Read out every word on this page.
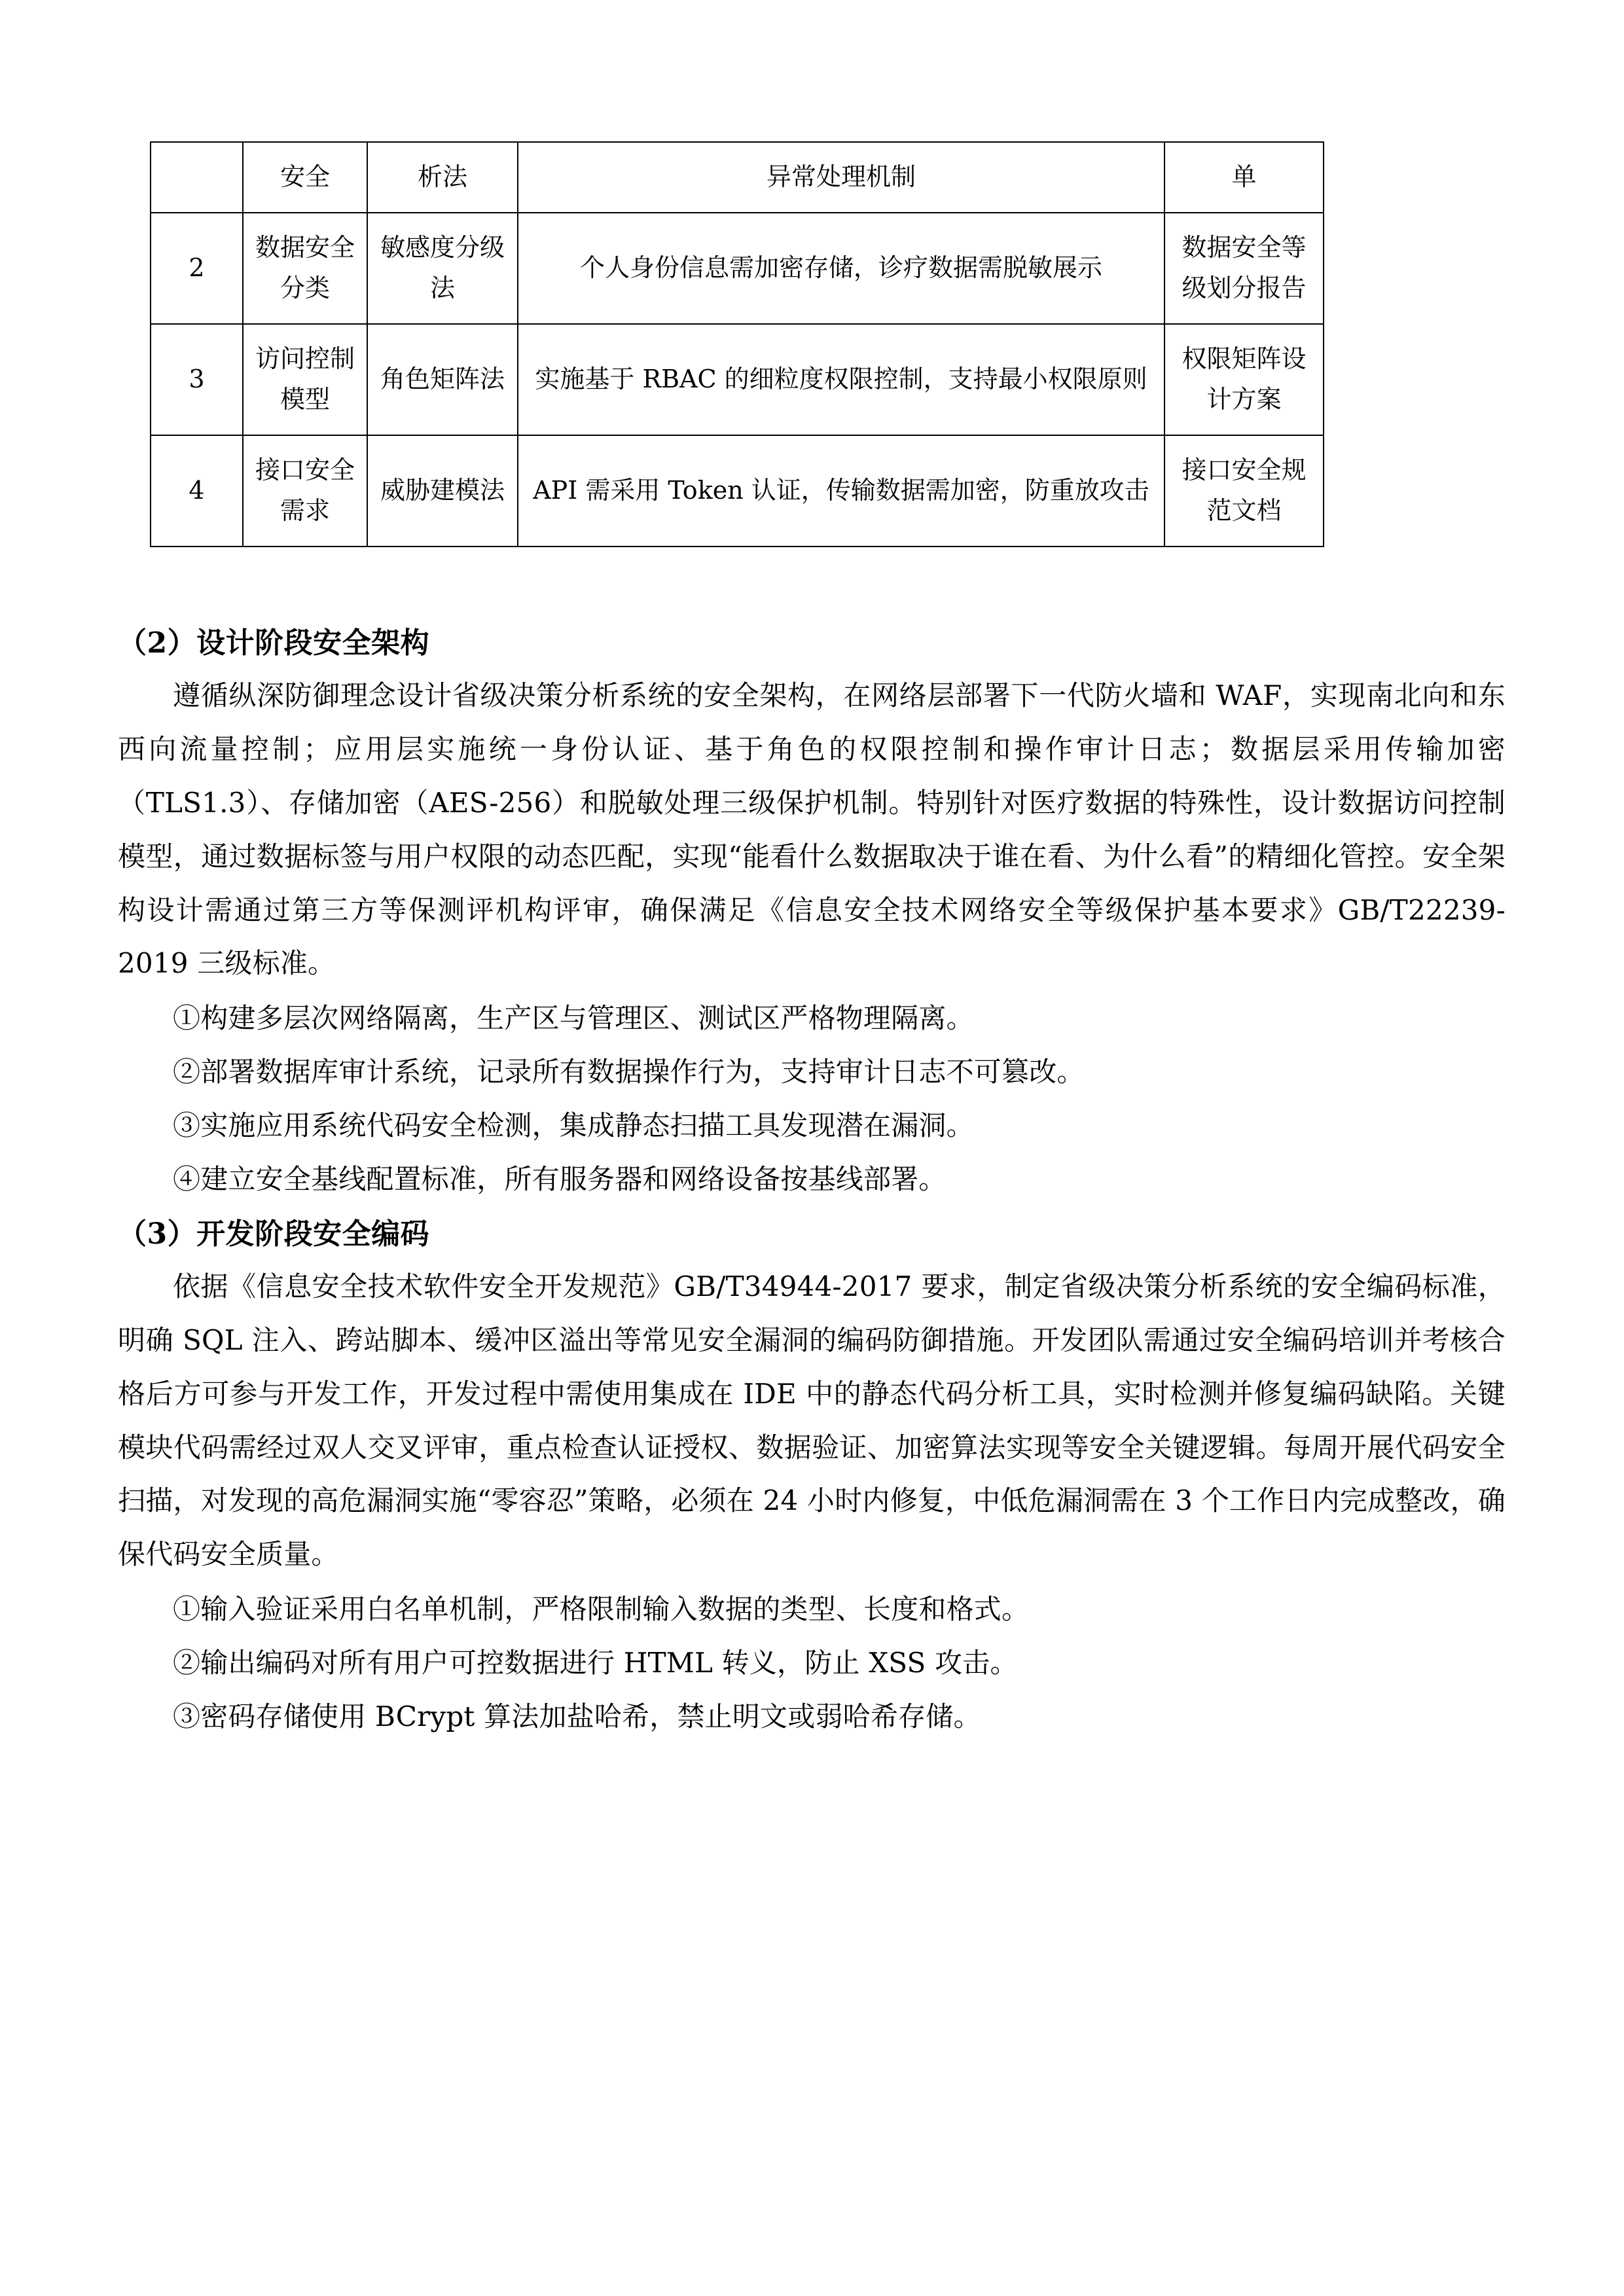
	安全	析法	异常处理机制	单
2	数据安全分类	敏感度分级法	个人身份信息需加密存储，诊疗数据需脱敏展示	数据安全等级划分报告
3	访问控制模型	角色矩阵法	实施基于 RBAC 的细粒度权限控制，支持最小权限原则	权限矩阵设计方案
4	接口安全需求	威胁建模法	API 需采用 Token 认证，传输数据需加密，防重放攻击	接口安全规范文档
（2）设计阶段安全架构

遵循纵深防御理念设计省级决策分析系统的安全架构，在网络层部署下一代防火墙和 WAF，实现南北向和东西向流量控制；应用层实施统一身份认证、基于角色的权限控制和操作审计日志；数据层采用传输加密（TLS1.3）、存储加密（AES-256）和脱敏处理三级保护机制。特别针对医疗数据的特殊性，设计数据访问控制模型，通过数据标签与用户权限的动态匹配，实现“能看什么数据取决于谁在看、为什么看”的精细化管控。安全架构设计需通过第三方等保测评机构评审，确保满足《信息安全技术网络安全等级保护基本要求》GB/T22239-2019 三级标准。

①构建多层次网络隔离，生产区与管理区、测试区严格物理隔离。

②部署数据库审计系统，记录所有数据操作行为，支持审计日志不可篡改。

③实施应用系统代码安全检测，集成静态扫描工具发现潜在漏洞。

④建立安全基线配置标准，所有服务器和网络设备按基线部署。

（3）开发阶段安全编码

依据《信息安全技术软件安全开发规范》GB/T34944-2017 要求，制定省级决策分析系统的安全编码标准，明确 SQL 注入、跨站脚本、缓冲区溢出等常见安全漏洞的编码防御措施。开发团队需通过安全编码培训并考核合格后方可参与开发工作，开发过程中需使用集成在 IDE 中的静态代码分析工具，实时检测并修复编码缺陷。关键模块代码需经过双人交叉评审，重点检查认证授权、数据验证、加密算法实现等安全关键逻辑。每周开展代码安全扫描，对发现的高危漏洞实施“零容忍”策略，必须在 24 小时内修复，中低危漏洞需在 3 个工作日内完成整改，确保代码安全质量。

①输入验证采用白名单机制，严格限制输入数据的类型、长度和格式。

②输出编码对所有用户可控数据进行 HTML 转义，防止 XSS 攻击。

③密码存储使用 BCrypt 算法加盐哈希，禁止明文或弱哈希存储。
